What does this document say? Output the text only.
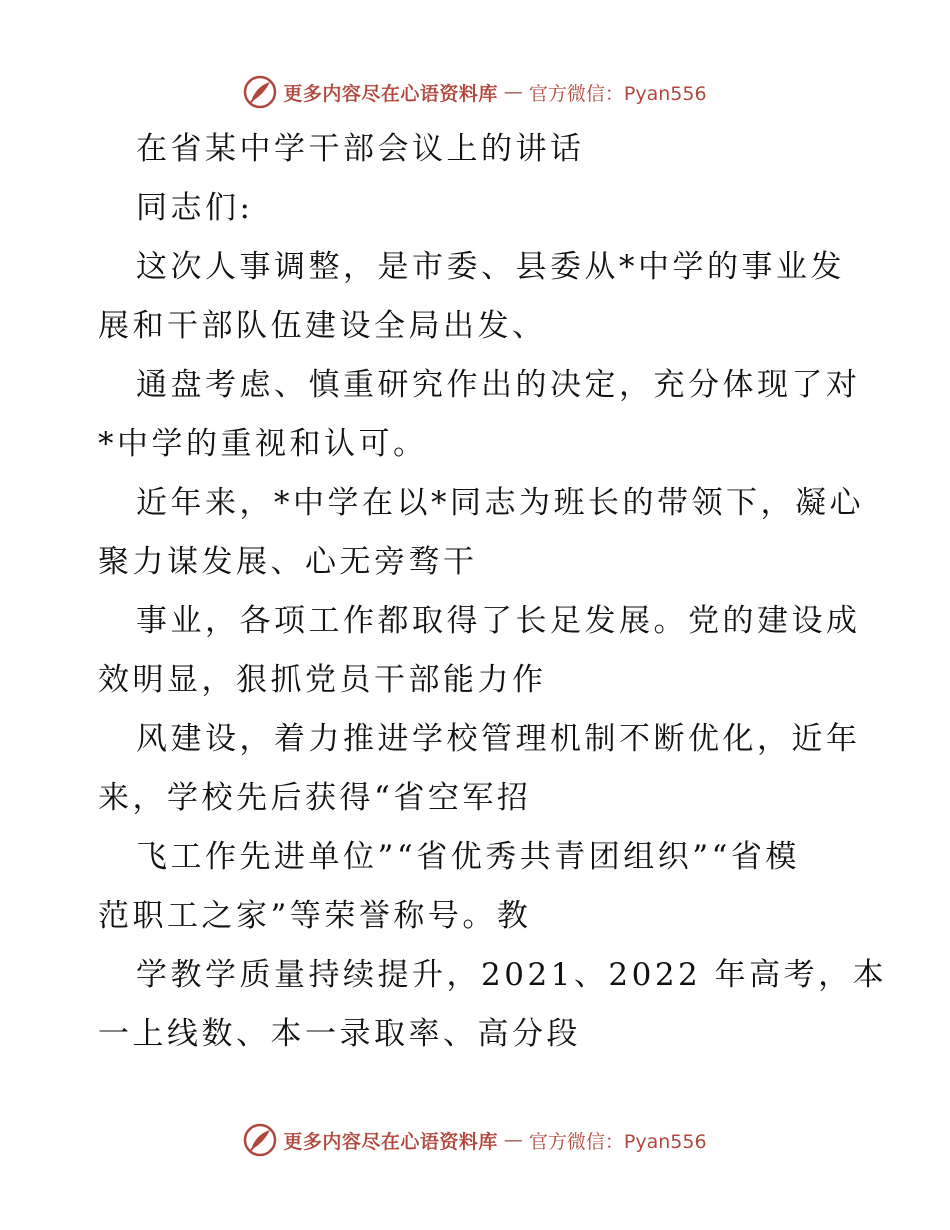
更多内容尽在心语资料库 — 官方微信：Pyan556
在省某中学干部会议上的讲话
同志们:
这次人事调整，是市委、县委从*中学的事业发
展和干部队伍建设全局出发、
通盘考虑、慎重研究作出的决定，充分体现了对
*中学的重视和认可。
近年来，*中学在以*同志为班长的带领下，凝心
聚力谋发展、心无旁骛干
事业，各项工作都取得了长足发展。党的建设成
效明显，狠抓党员干部能力作
风建设，着力推进学校管理机制不断优化，近年
来，学校先后获得“省空军招
飞工作先进单位”“省优秀共青团组织”“省模
范职工之家”等荣誉称号。教
学教学质量持续提升，2021、2022 年高考，本
一上线数、本一录取率、高分段
更多内容尽在心语资料库 — 官方微信：Pyan556
